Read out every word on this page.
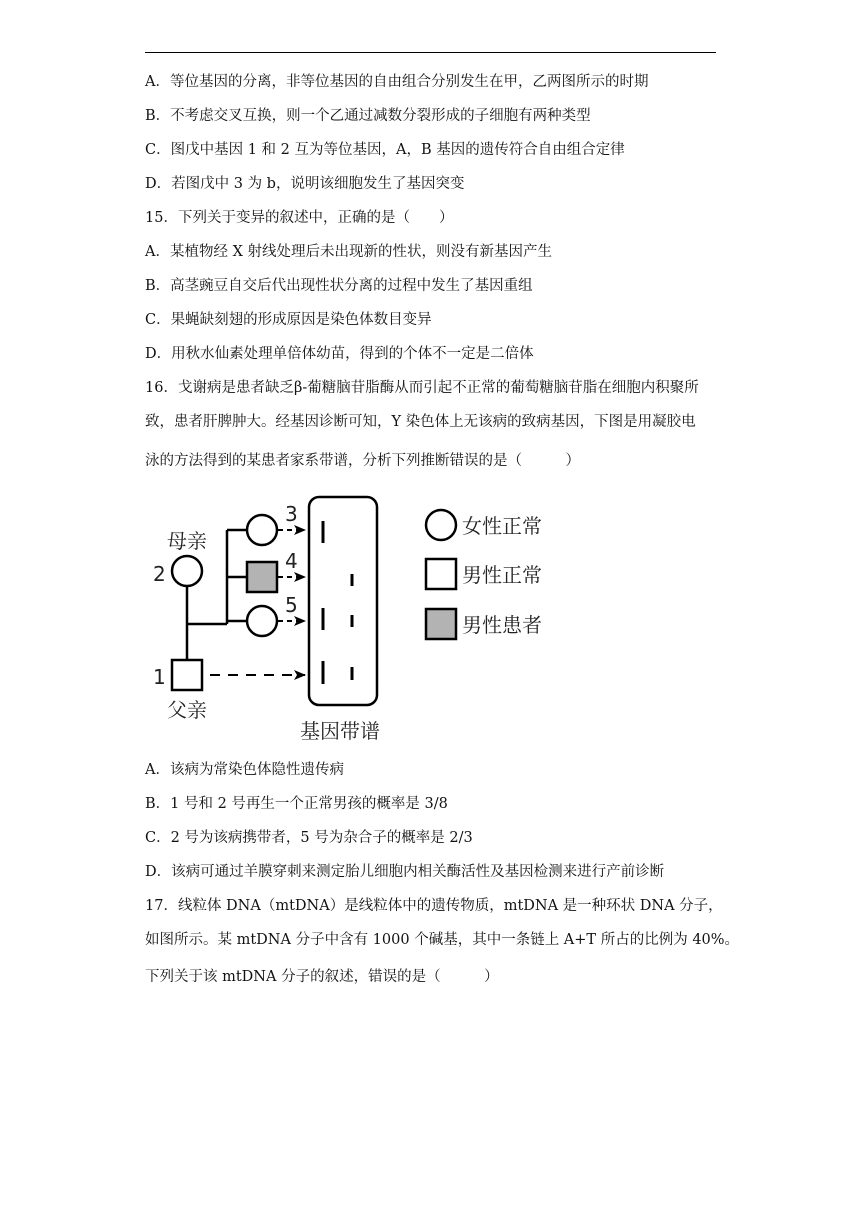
A．等位基因的分离，非等位基因的自由组合分别发生在甲，乙两图所示的时期
B．不考虑交叉互换，则一个乙通过减数分裂形成的子细胞有两种类型
C．图戊中基因 1 和 2 互为等位基因，A，B 基因的遗传符合自由组合定律
D．若图戊中 3 为 b，说明该细胞发生了基因突变
15．下列关于变异的叙述中，正确的是（　　）
A．某植物经 X 射线处理后未出现新的性状，则没有新基因产生
B．高茎豌豆自交后代出现性状分离的过程中发生了基因重组
C．果蝇缺刻翅的形成原因是染色体数目变异
D．用秋水仙素处理单倍体幼苗，得到的个体不一定是二倍体
16．戈谢病是患者缺乏β-葡糖脑苷脂酶从而引起不正常的葡萄糖脑苷脂在细胞内积聚所
致，患者肝脾肿大。经基因诊断可知，Y 染色体上无该病的致病基因，下图是用凝胶电
泳的方法得到的某患者家系带谱，分析下列推断错误的是（　　　）
母亲
2
3
4
5
1
父亲
基因带谱
女性正常
男性正常
男性患者
A．该病为常染色体隐性遗传病
B．1 号和 2 号再生一个正常男孩的概率是 3/8
C．2 号为该病携带者，5 号为杂合子的概率是 2/3
D．该病可通过羊膜穿刺来测定胎儿细胞内相关酶活性及基因检测来进行产前诊断
17．线粒体 DNA（mtDNA）是线粒体中的遗传物质，mtDNA 是一种环状 DNA 分子，
如图所示。某 mtDNA 分子中含有 1000 个碱基，其中一条链上 A+T 所占的比例为 40%。
下列关于该 mtDNA 分子的叙述，错误的是（　　　）
